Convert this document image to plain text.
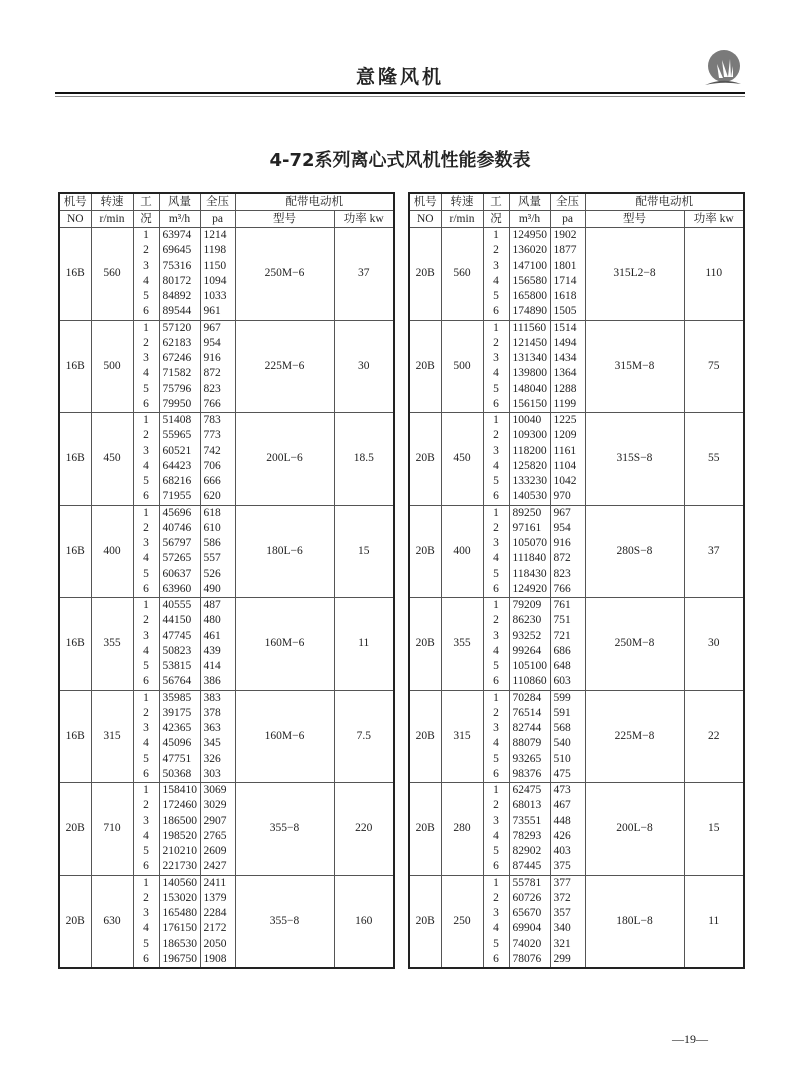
意隆风机
4-72系列离心式风机性能参数表
机号	转速	工	风量	全压	配带电动机	
NO	r/min	况	m³/h	pa	型号	功率 kw
16B	560	1	63974	1214	250M−6	37
		2	69645	1198		
		3	75316	1150		
		4	80172	1094		
		5	84892	1033		
		6	89544	961		
16B	500	1	57120	967	225M−6	30
		2	62183	954		
		3	67246	916		
		4	71582	872		
		5	75796	823		
		6	79950	766		
16B	450	1	51408	783	200L−6	18.5
		2	55965	773		
		3	60521	742		
		4	64423	706		
		5	68216	666		
		6	71955	620		
16B	400	1	45696	618	180L−6	15
		2	40746	610		
		3	56797	586		
		4	57265	557		
		5	60637	526		
		6	63960	490		
16B	355	1	40555	487	160M−6	11
		2	44150	480		
		3	47745	461		
		4	50823	439		
		5	53815	414		
		6	56764	386		
16B	315	1	35985	383	160M−6	7.5
		2	39175	378		
		3	42365	363		
		4	45096	345		
		5	47751	326		
		6	50368	303		
20B	710	1	158410	3069	355−8	220
		2	172460	3029		
		3	186500	2907		
		4	198520	2765		
		5	210210	2609		
		6	221730	2427		
20B	630	1	140560	2411	355−8	160
		2	153020	1379		
		3	165480	2284		
		4	176150	2172		
		5	186530	2050		
		6	196750	1908		
机号	转速	工	风量	全压	配带电动机	
NO	r/min	况	m³/h	pa	型号	功率 kw
20B	560	1	124950	1902	315L2−8	110
		2	136020	1877		
		3	147100	1801		
		4	156580	1714		
		5	165800	1618		
		6	174890	1505		
20B	500	1	111560	1514	315M−8	75
		2	121450	1494		
		3	131340	1434		
		4	139800	1364		
		5	148040	1288		
		6	156150	1199		
20B	450	1	10040	1225	315S−8	55
		2	109300	1209		
		3	118200	1161		
		4	125820	1104		
		5	133230	1042		
		6	140530	970		
20B	400	1	89250	967	280S−8	37
		2	97161	954		
		3	105070	916		
		4	111840	872		
		5	118430	823		
		6	124920	766		
20B	355	1	79209	761	250M−8	30
		2	86230	751		
		3	93252	721		
		4	99264	686		
		5	105100	648		
		6	110860	603		
20B	315	1	70284	599	225M−8	22
		2	76514	591		
		3	82744	568		
		4	88079	540		
		5	93265	510		
		6	98376	475		
20B	280	1	62475	473	200L−8	15
		2	68013	467		
		3	73551	448		
		4	78293	426		
		5	82902	403		
		6	87445	375		
20B	250	1	55781	377	180L−8	11
		2	60726	372		
		3	65670	357		
		4	69904	340		
		5	74020	321		
		6	78076	299		
—19—
